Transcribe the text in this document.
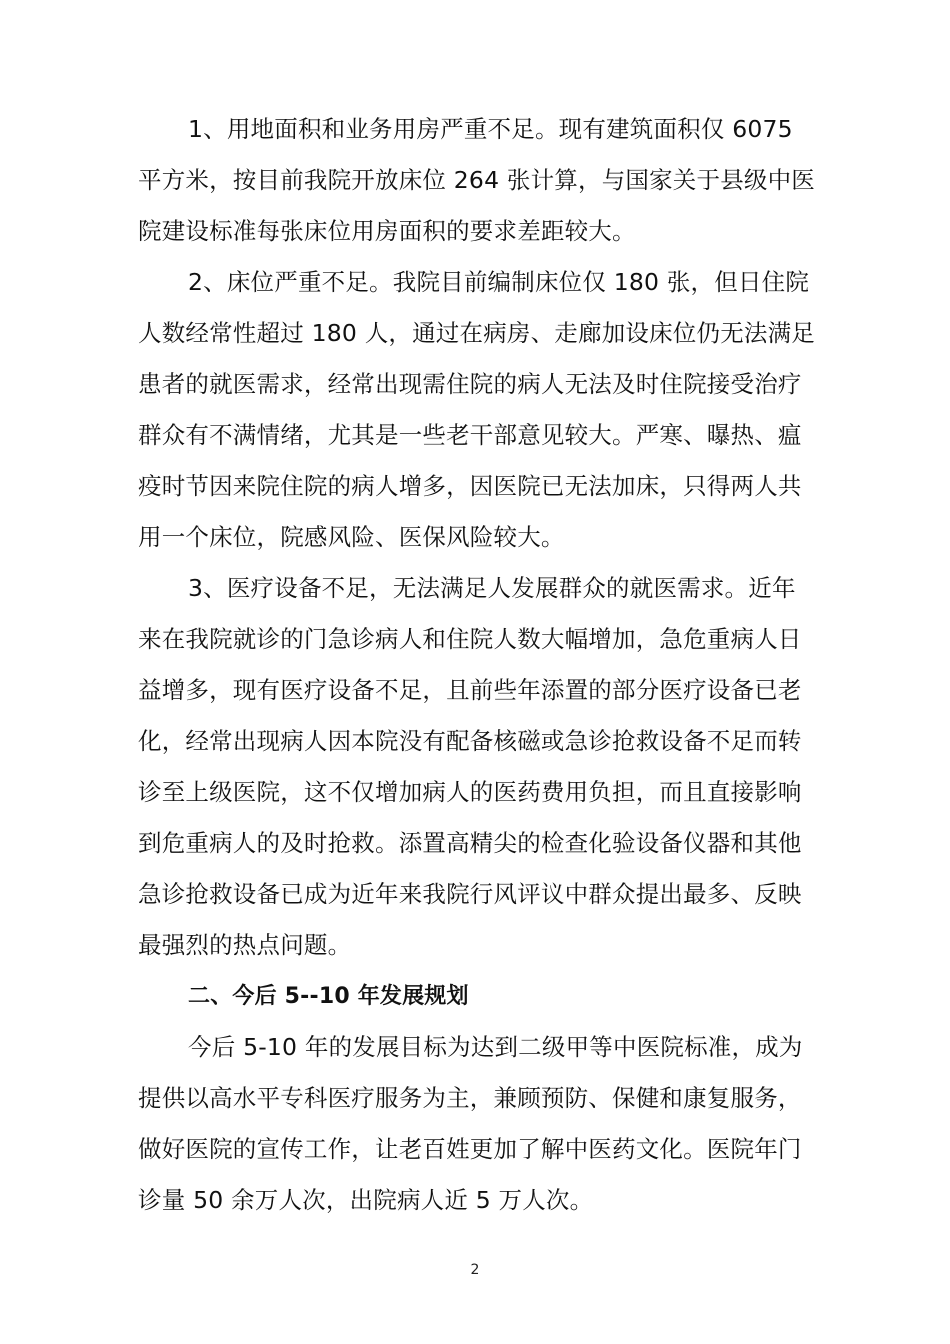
1、用地面积和业务用房严重不足。现有建筑面积仅 6075
平方米，按目前我院开放床位 264 张计算，与国家关于县级中医
院建设标准每张床位用房面积的要求差距较大。
2、床位严重不足。我院目前编制床位仅 180 张，但日住院
人数经常性超过 180 人，通过在病房、走廊加设床位仍无法满足
患者的就医需求，经常出现需住院的病人无法及时住院接受治疗
群众有不满情绪，尤其是一些老干部意见较大。严寒、曝热、瘟
疫时节因来院住院的病人增多，因医院已无法加床，只得两人共
用一个床位，院感风险、医保风险较大。
3、医疗设备不足，无法满足人发展群众的就医需求。近年
来在我院就诊的门急诊病人和住院人数大幅增加，急危重病人日
益增多，现有医疗设备不足，且前些年添置的部分医疗设备已老
化，经常出现病人因本院没有配备核磁或急诊抢救设备不足而转
诊至上级医院，这不仅增加病人的医药费用负担，而且直接影响
到危重病人的及时抢救。添置高精尖的检查化验设备仪器和其他
急诊抢救设备已成为近年来我院行风评议中群众提出最多、反映
最强烈的热点问题。
二、今后 5--10 年发展规划
今后 5-10 年的发展目标为达到二级甲等中医院标准，成为
提供以高水平专科医疗服务为主，兼顾预防、保健和康复服务，
做好医院的宣传工作，让老百姓更加了解中医药文化。医院年门
诊量 50 余万人次，出院病人近 5 万人次。
2
